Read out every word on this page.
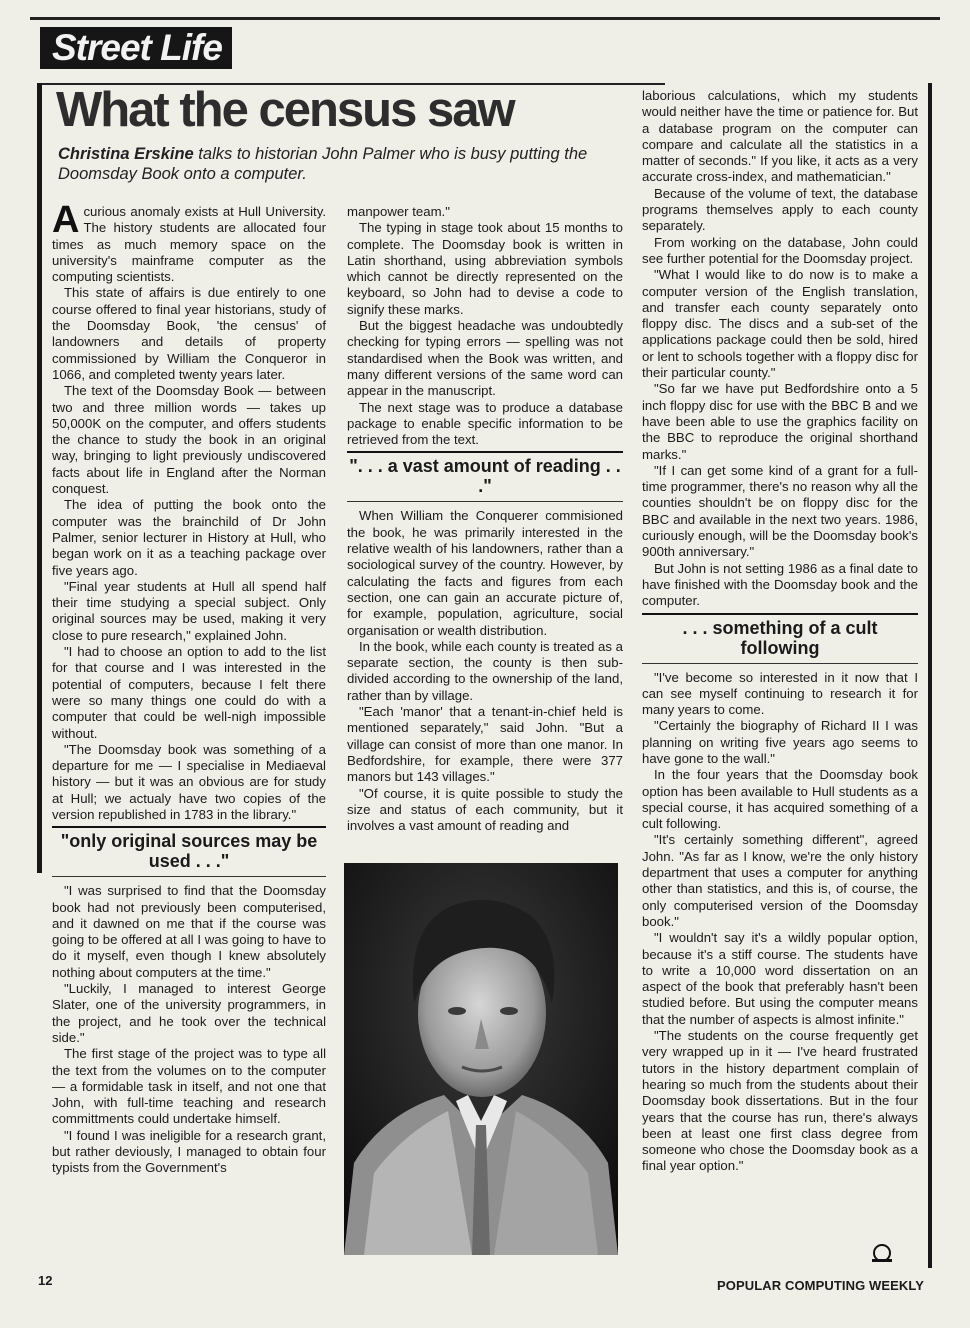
Street Life
What the census saw

Christina Erskine talks to historian John Palmer who is busy putting the Doomsday Book onto a computer.

Acurious anomaly exists at Hull University. The history students are allocated four times as much memory space on the university's mainframe computer as the computing scientists.

This state of affairs is due entirely to one course offered to final year historians, study of the Doomsday Book, 'the census' of landowners and details of property commissioned by William the Conqueror in 1066, and completed twenty years later.

The text of the Doomsday Book — between two and three million words — takes up 50,000K on the computer, and offers students the chance to study the book in an original way, bringing to light previously undiscovered facts about life in England after the Norman conquest.

The idea of putting the book onto the computer was the brainchild of Dr John Palmer, senior lecturer in History at Hull, who began work on it as a teaching package over five years ago.

"Final year students at Hull all spend half their time studying a special subject. Only original sources may be used, making it very close to pure research," explained John.

"I had to choose an option to add to the list for that course and I was interested in the potential of computers, because I felt there were so many things one could do with a computer that could be well-nigh impossible without.

"The Doomsday book was something of a departure for me — I specialise in Mediaeval history — but it was an obvious are for study at Hull; we actualy have two copies of the version republished in 1783 in the library."

"only original sources may be used . . ."

"I was surprised to find that the Doomsday book had not previously been computerised, and it dawned on me that if the course was going to be offered at all I was going to have to do it myself, even though I knew absolutely nothing about computers at the time."

"Luckily, I managed to interest George Slater, one of the university programmers, in the project, and he took over the technical side."

The first stage of the project was to type all the text from the volumes on to the computer — a formidable task in itself, and not one that John, with full-time teaching and research committments could undertake himself.

"I found I was ineligible for a research grant, but rather deviously, I managed to obtain four typists from the Government's

manpower team."

The typing in stage took about 15 months to complete. The Doomsday book is written in Latin shorthand, using abbreviation symbols which cannot be directly represented on the keyboard, so John had to devise a code to signify these marks.

But the biggest headache was undoubtedly checking for typing errors — spelling was not standardised when the Book was written, and many different versions of the same word can appear in the manuscript.

The next stage was to produce a database package to enable specific information to be retrieved from the text.

". . . a vast amount of reading . . ."

When William the Conquerer commisioned the book, he was primarily interested in the relative wealth of his landowners, rather than a sociological survey of the country. However, by calculating the facts and figures from each section, one can gain an accurate picture of, for example, population, agriculture, social organisation or wealth distribution.

In the book, while each county is treated as a separate section, the county is then sub-divided according to the ownership of the land, rather than by village.

"Each 'manor' that a tenant-in-chief held is mentioned separately," said John. "But a village can consist of more than one manor. In Bedfordshire, for example, there were 377 manors but 143 villages."

"Of course, it is quite possible to study the size and status of each community, but it involves a vast amount of reading and

laborious calculations, which my students would neither have the time or patience for. But a database program on the computer can compare and calculate all the statistics in a matter of seconds." If you like, it acts as a very accurate cross-index, and mathematician."

Because of the volume of text, the database programs themselves apply to each county separately.

From working on the database, John could see further potential for the Doomsday project.

"What I would like to do now is to make a computer version of the English translation, and transfer each county separately onto floppy disc. The discs and a sub-set of the applications package could then be sold, hired or lent to schools together with a floppy disc for their particular county."

"So far we have put Bedfordshire onto a 5 inch floppy disc for use with the BBC B and we have been able to use the graphics facility on the BBC to reproduce the original shorthand marks."

"If I can get some kind of a grant for a full-time programmer, there's no reason why all the counties shouldn't be on floppy disc for the BBC and available in the next two years. 1986, curiously enough, will be the Doomsday book's 900th anniversary."

But John is not setting 1986 as a final date to have finished with the Doomsday book and the computer.

. . . something of a cult following

"I've become so interested in it now that I can see myself continuing to research it for many years to come.

"Certainly the biography of Richard II I was planning on writing five years ago seems to have gone to the wall."

In the four years that the Doomsday book option has been available to Hull students as a special course, it has acquired something of a cult following.

"It's certainly something different", agreed John. "As far as I know, we're the only history department that uses a computer for anything other than statistics, and this is, of course, the only computerised version of the Doomsday book."

"I wouldn't say it's a wildly popular option, because it's a stiff course. The students have to write a 10,000 word dissertation on an aspect of the book that preferably hasn't been studied before. But using the computer means that the number of aspects is almost infinite."

"The students on the course frequently get very wrapped up in it — I've heard frustrated tutors in the history department complain of hearing so much from the students about their Doomsday book dissertations. But in the four years that the course has run, there's always been at least one first class degree from someone who chose the Doomsday book as a final year option."

12	POPULAR COMPUTING WEEKLY
